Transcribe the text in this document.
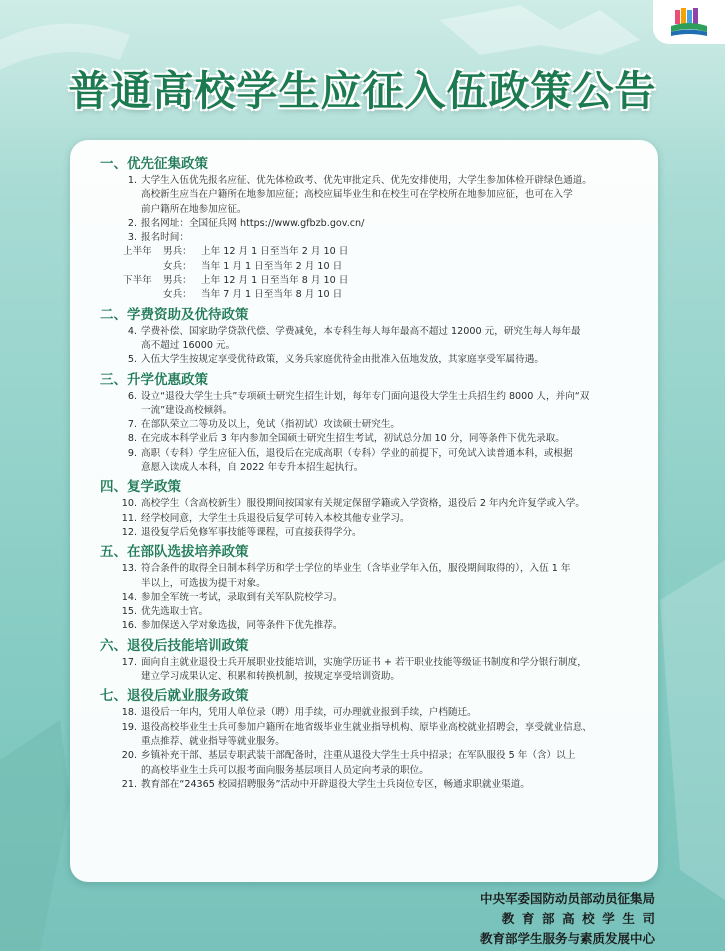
普通高校学生应征入伍政策公告
一、优先征集政策
1. 大学生入伍优先报名应征、优先体检政考、优先审批定兵、优先安排使用，大学生参加体检开辟绿色通道。
高校新生应当在户籍所在地参加应征；高校应届毕业生和在校生可在学校所在地参加应征，也可在入学
前户籍所在地参加应征。
2. 报名网址：全国征兵网 https://www.gfbzb.gov.cn/
3. 报名时间：
上半年 男兵： 上年 12 月 1 日至当年 2 月 10 日
女兵： 当年 1 月 1 日至当年 2 月 10 日
下半年 男兵： 上年 12 月 1 日至当年 8 月 10 日
女兵： 当年 7 月 1 日至当年 8 月 10 日
二、学费资助及优待政策
4. 学费补偿、国家助学贷款代偿、学费减免，本专科生每人每年最高不超过 12000 元，研究生每人每年最
高不超过 16000 元。
5. 入伍大学生按规定享受优待政策，义务兵家庭优待金由批准入伍地发放，其家庭享受军属待遇。
三、升学优惠政策
6. 设立“退役大学生士兵”专项硕士研究生招生计划，每年专门面向退役大学生士兵招生约 8000 人，并向“双
一流”建设高校倾斜。
7. 在部队荣立二等功及以上，免试（指初试）攻读硕士研究生。
8. 在完成本科学业后 3 年内参加全国硕士研究生招生考试，初试总分加 10 分，同等条件下优先录取。
9. 高职（专科）学生应征入伍，退役后在完成高职（专科）学业的前提下，可免试入读普通本科，或根据
意愿入读成人本科，自 2022 年专升本招生起执行。
四、复学政策
10. 高校学生（含高校新生）服役期间按国家有关规定保留学籍或入学资格，退役后 2 年内允许复学或入学。
11. 经学校同意，大学生士兵退役后复学可转入本校其他专业学习。
12. 退役复学后免修军事技能等课程，可直接获得学分。
五、在部队选拔培养政策
13. 符合条件的取得全日制本科学历和学士学位的毕业生（含毕业学年入伍，服役期间取得的），入伍 1 年
半以上，可选拔为提干对象。
14. 参加全军统一考试，录取到有关军队院校学习。
15. 优先选取士官。
16. 参加保送入学对象选拔，同等条件下优先推荐。
六、退役后技能培训政策
17. 面向自主就业退役士兵开展职业技能培训，实施学历证书 + 若干职业技能等级证书制度和学分银行制度，
建立学习成果认定、积累和转换机制，按规定享受培训资助。
七、退役后就业服务政策
18. 退役后一年内，凭用人单位录（聘）用手续，可办理就业报到手续，户档随迁。
19. 退役高校毕业生士兵可参加户籍所在地省级毕业生就业指导机构、原毕业高校就业招聘会，享受就业信息、
重点推荐、就业指导等就业服务。
20. 乡镇补充干部、基层专职武装干部配备时，注重从退役大学生士兵中招录；在军队服役 5 年（含）以上
的高校毕业生士兵可以报考面向服务基层项目人员定向考录的职位。
21. 教育部在“24365 校园招聘服务”活动中开辟退役大学生士兵岗位专区，畅通求职就业渠道。
中央军委国防动员部动员征集局
教育部高校学生司
教育部学生服务与素质发展中心
